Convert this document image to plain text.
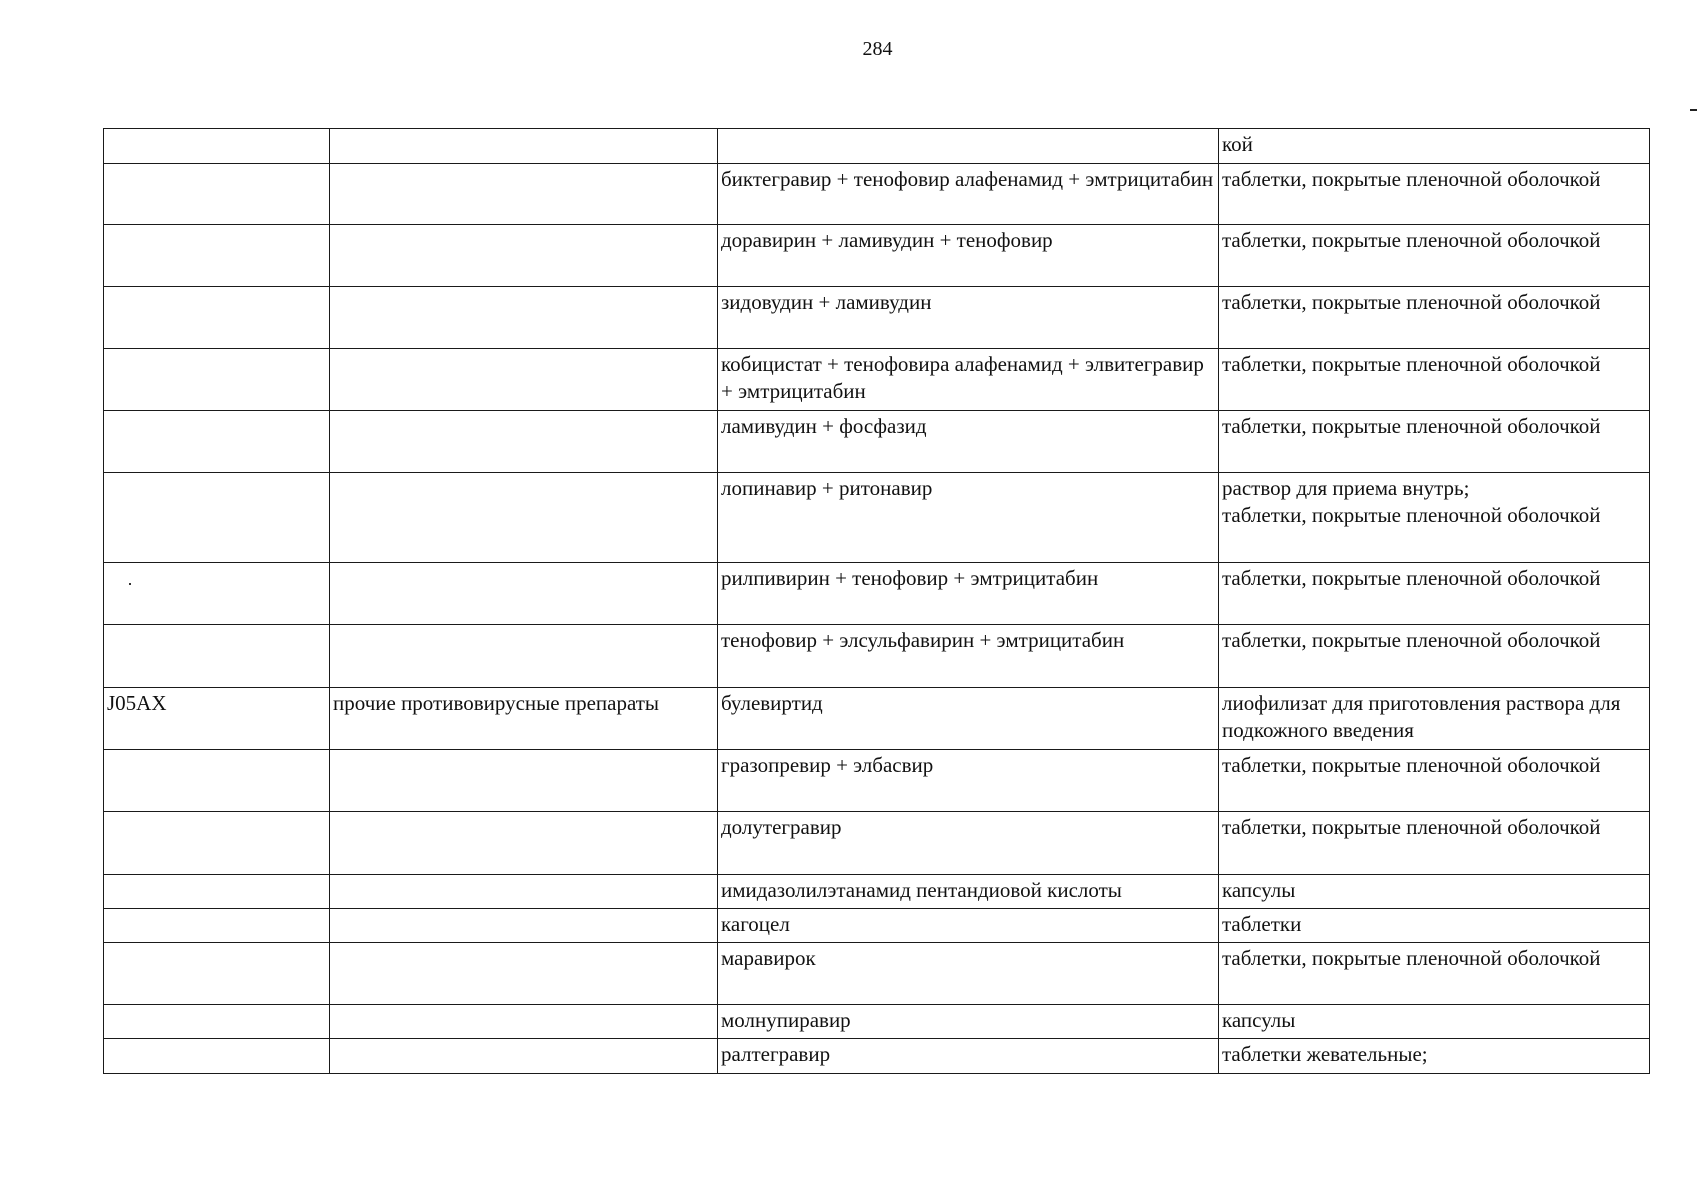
284
			кой
		биктегравир + тенофовир алафенамид + эмтрицитабин	таблетки, покрытые пленочной оболочкой
		доравирин + ламивудин + тенофовир	таблетки, покрытые пленочной оболочкой
		зидовудин + ламивудин	таблетки, покрытые пленочной оболочкой
		кобицистат + тенофовира алафенамид + элвитегравир + эмтрицитабин	таблетки, покрытые пленочной оболочкой
		ламивудин + фосфазид	таблетки, покрытые пленочной оболочкой
		лопинавир + ритонавир	раствор для приема внутрь;
таблетки, покрытые пленочной оболочкой
		рилпивирин + тенофовир + эмтрицитабин	таблетки, покрытые пленочной оболочкой
		тенофовир + элсульфавирин + эмтрицитабин	таблетки, покрытые пленочной оболочкой
J05AX	прочие противовирусные препараты	булевиртид	лиофилизат для приготовления раствора для подкожного введения
		гразопревир + элбасвир	таблетки, покрытые пленочной оболочкой
		долутегравир	таблетки, покрытые пленочной оболочкой
		имидазолилэтанамид пентандиовой кислоты	капсулы
		кагоцел	таблетки
		маравирок	таблетки, покрытые пленочной оболочкой
		молнупиравир	капсулы
		ралтегравир	таблетки жевательные;
